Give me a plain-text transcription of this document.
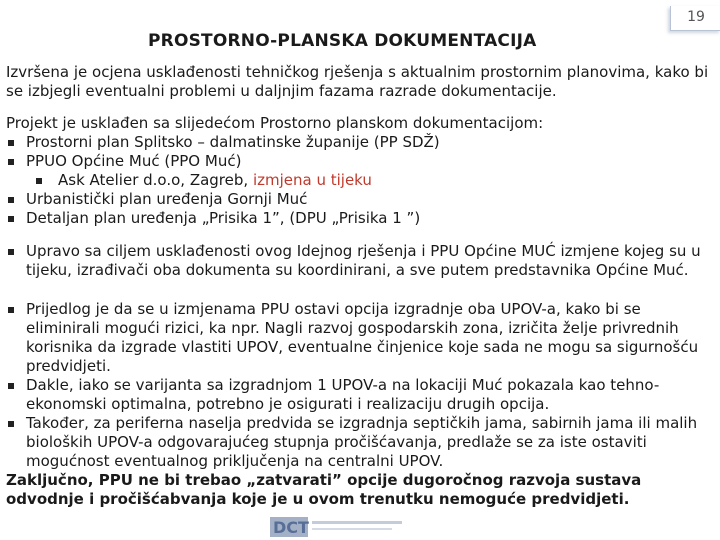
19
PROSTORNO-PLANSKA DOKUMENTACIJA

Izvršena je ocjena usklađenosti tehničkog rješenja s aktualnim prostornim planovima, kako bi se izbjegli eventualni problemi u daljnjim fazama razrade dokumentacije.

Projekt je usklađen sa slijedećom Prostorno planskom dokumentacijom:

Prostorni plan Splitsko – dalmatinske županije (PP SDŽ)
PPUO Općine Muć (PPO Muć)
Ask Atelier d.o.o, Zagreb, izmjena u tijeku
Urbanistički plan uređenja Gornji Muć
Detaljan plan uređenja „Prisika 1”, (DPU „Prisika 1 ”)
Upravo sa ciljem usklađenosti ovog Idejnog rješenja i PPU Općine MUĆ izmjene kojeg su u tijeku, izrađivači oba dokumenta su koordinirani, a sve putem predstavnika Općine Muć.
Prijedlog je da se u izmjenama PPU ostavi opcija izgradnje oba UPOV-a, kako bi se eliminirali mogući rizici, ka npr. Nagli razvoj gospodarskih zona, izričita želje privrednih korisnika da izgrade vlastiti UPOV, eventualne činjenice koje sada ne mogu sa sigurnošću predvidjeti.
Dakle, iako se varijanta sa izgradnjom 1 UPOV-a na lokaciji Muć pokazala kao tehno-ekonomski optimalna, potrebno je osigurati i realizaciju drugih opcija.
Također, za periferna naselja predvida se izgradnja septičkih jama, sabirnih jama ili malih bioloških UPOV-a odgovarajućeg stupnja pročišćavanja, predlaže se za iste ostaviti mogućnost eventualnog priključenja na centralni UPOV.

Zaključno, PPU ne bi trebao „zatvarati” opcije dugoročnog razvoja sustava odvodnje i pročišćabvanja koje je u ovom trenutku nemoguće predvidjeti.

DCT
